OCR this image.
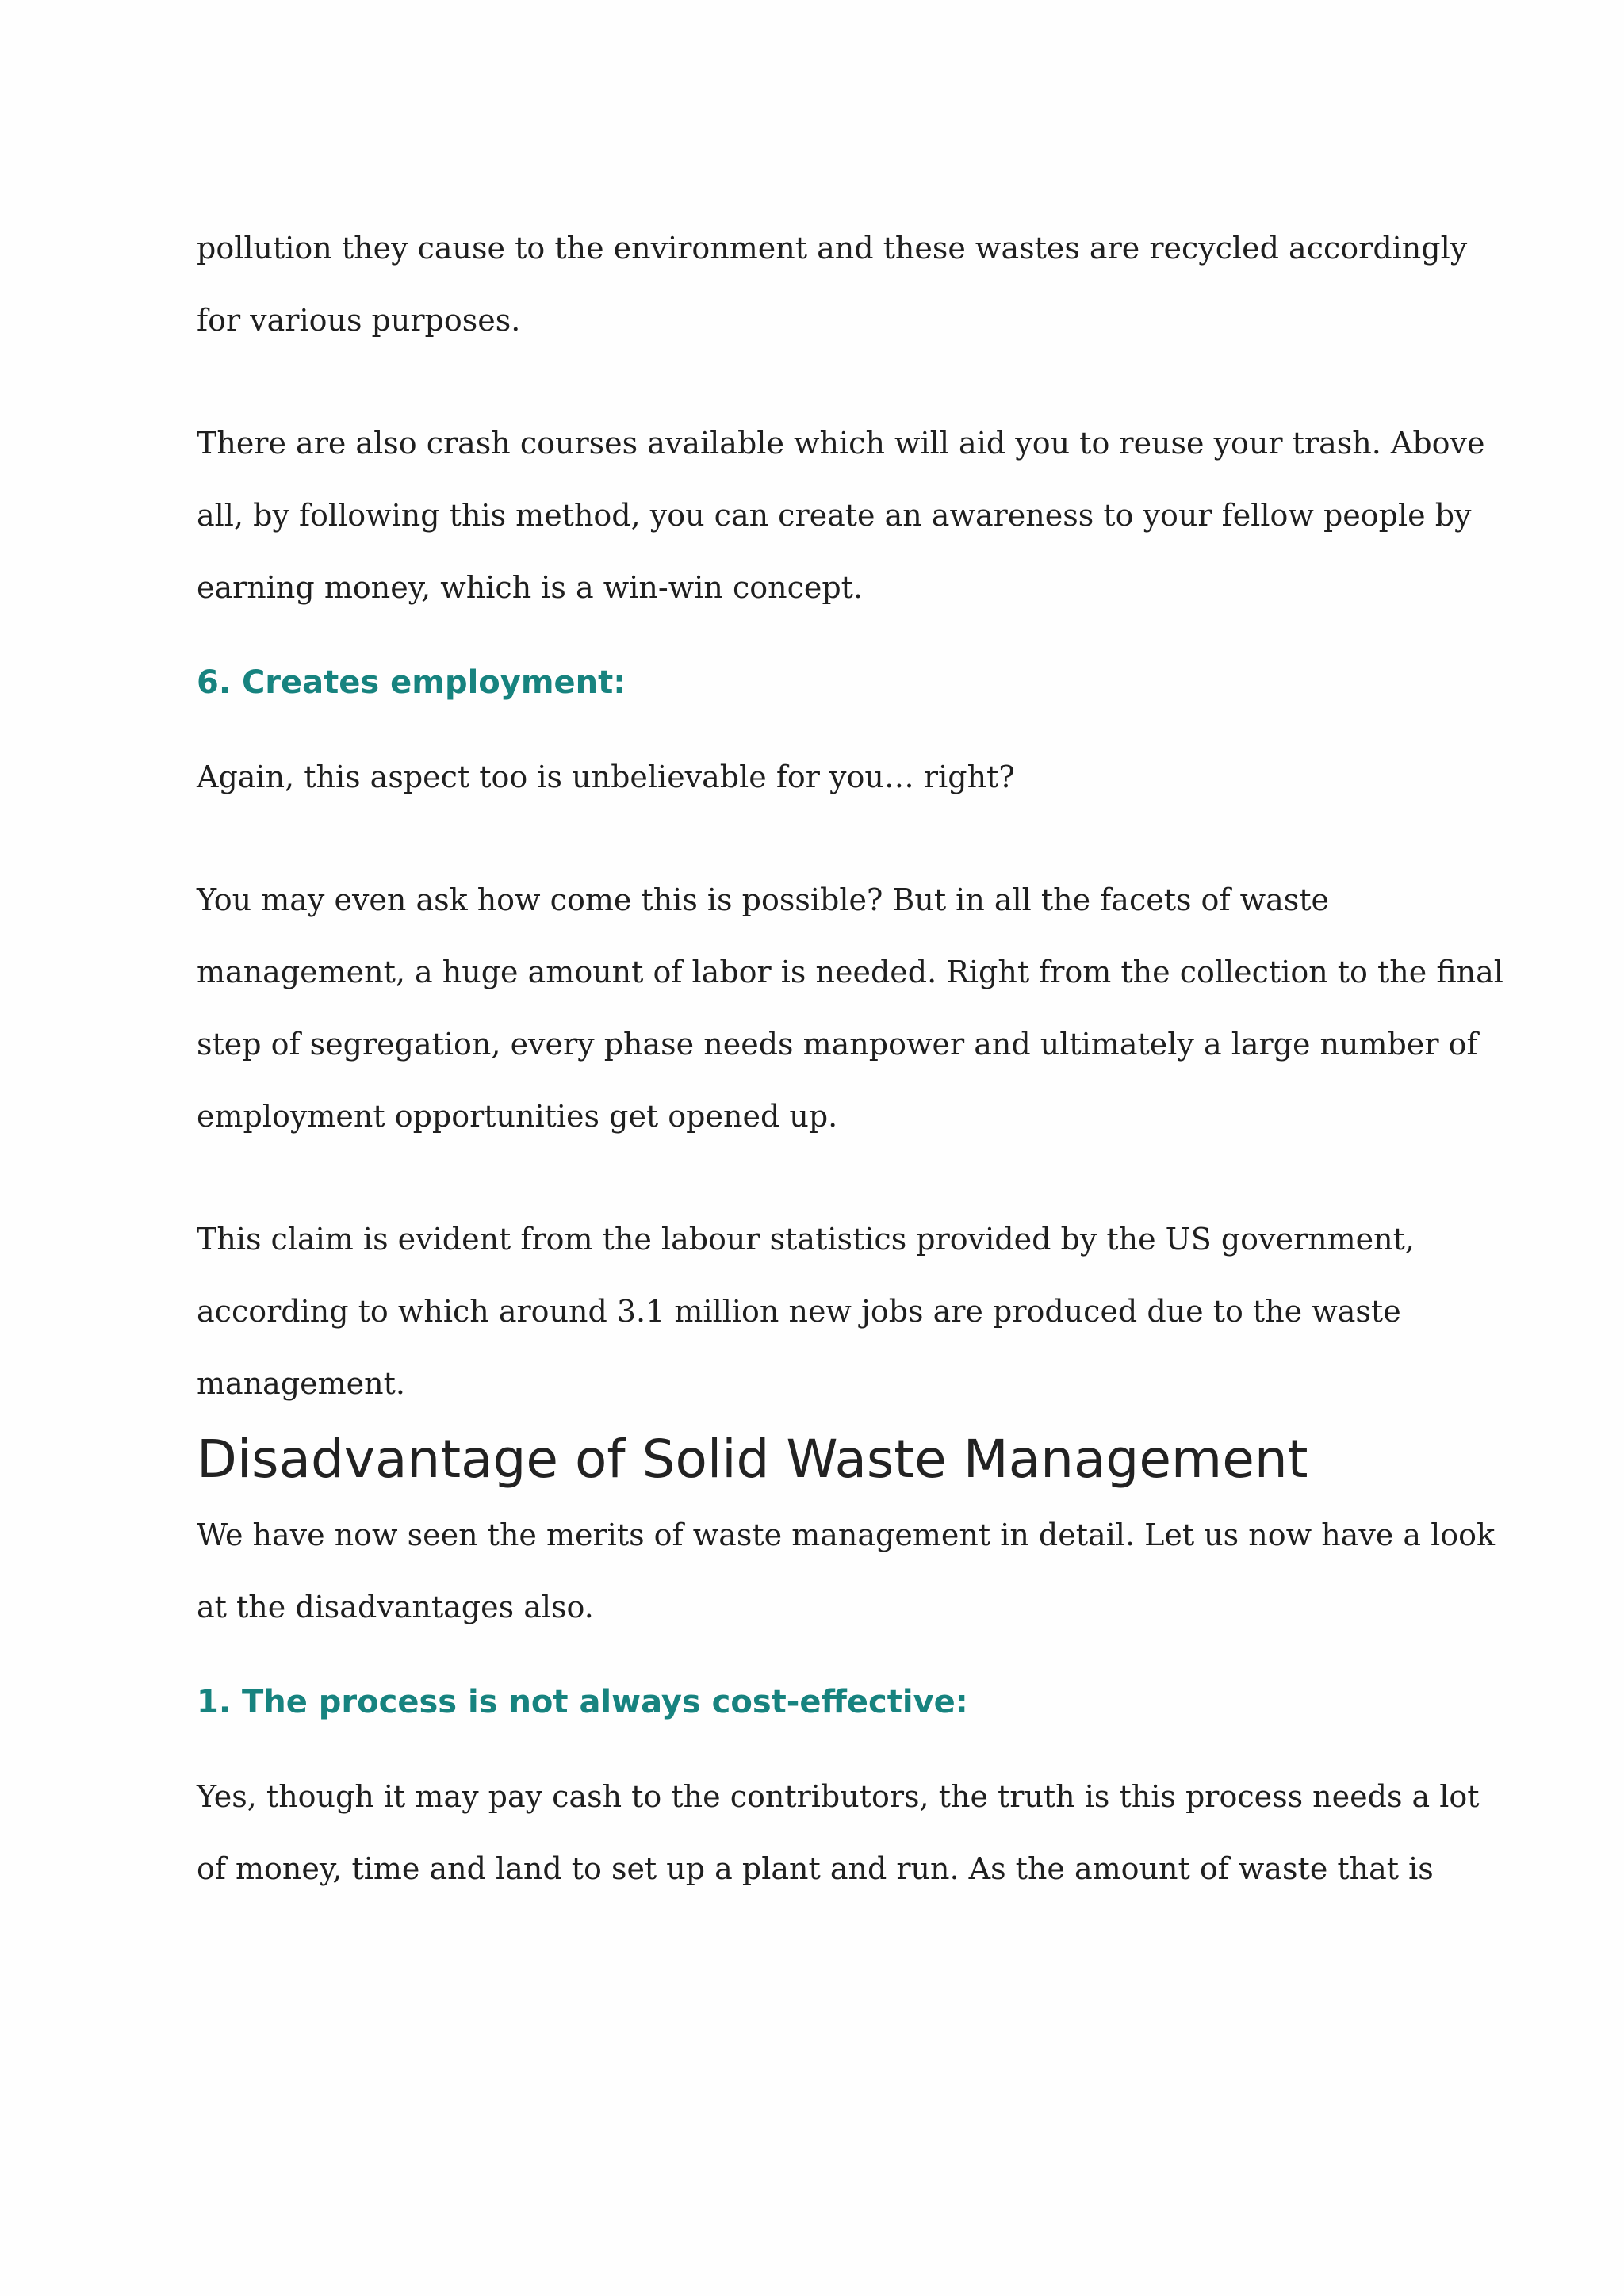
pollution they cause to the environment and these wastes are recycled accordingly
for various purposes.

There are also crash courses available which will aid you to reuse your trash. Above
all, by following this method, you can create an awareness to your fellow people by
earning money, which is a win-win concept.

6. Creates employment:

Again, this aspect too is unbelievable for you… right?

You may even ask how come this is possible? But in all the facets of waste
management, a huge amount of labor is needed. Right from the collection to the final
step of segregation, every phase needs manpower and ultimately a large number of
employment opportunities get opened up.

This claim is evident from the labour statistics provided by the US government,
according to which around 3.1 million new jobs are produced due to the waste
management.

Disadvantage of Solid Waste Management

We have now seen the merits of waste management in detail. Let us now have a look
at the disadvantages also.

1. The process is not always cost-effective:

Yes, though it may pay cash to the contributors, the truth is this process needs a lot
of money, time and land to set up a plant and run. As the amount of waste that is
